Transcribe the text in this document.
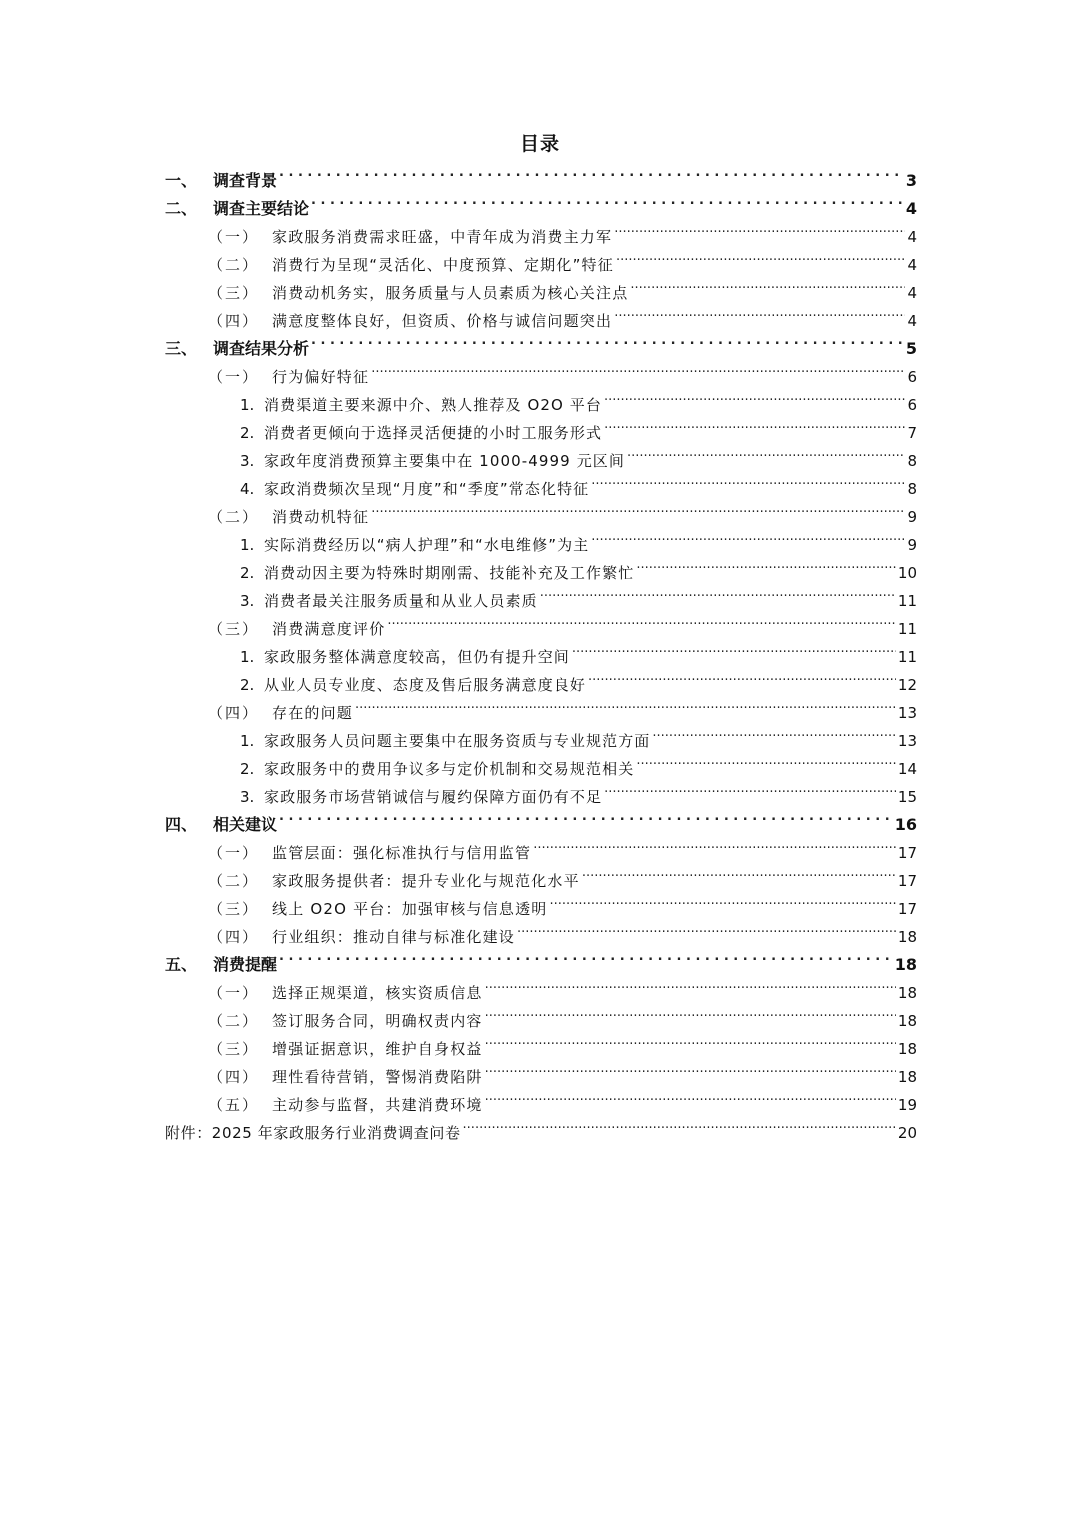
目录
一、 调查背景 . . .	3
二、 调查主要结论 . . .	4
（一） 家政服务消费需求旺盛，中青年成为消费主力军 .....	4
（二） 消费行为呈现“灵活化、中度预算、定期化”特征 .....	4
（三） 消费动机务实，服务质量与人员素质为核心关注点 .....	4
（四） 满意度整体良好，但资质、价格与诚信问题突出 .....	4
三、 调查结果分析 . . .	5
（一） 行为偏好特征 .....	6
1. 消费渠道主要来源中介、熟人推荐及 O2O 平台 .....	6
2. 消费者更倾向于选择灵活便捷的小时工服务形式 .....	7
3. 家政年度消费预算主要集中在 1000-4999 元区间 .....	8
4. 家政消费频次呈现“月度”和“季度”常态化特征 .....	8
（二） 消费动机特征 .....	9
1. 实际消费经历以“病人护理”和“水电维修”为主 .....	9
2. 消费动因主要为特殊时期刚需、技能补充及工作繁忙 .....	10
3. 消费者最关注服务质量和从业人员素质 .....	11
（三） 消费满意度评价 .....	11
1. 家政服务整体满意度较高，但仍有提升空间 .....	11
2. 从业人员专业度、态度及售后服务满意度良好 .....	12
（四） 存在的问题 .....	13
1. 家政服务人员问题主要集中在服务资质与专业规范方面 .....	13
2. 家政服务中的费用争议多与定价机制和交易规范相关 .....	14
3. 家政服务市场营销诚信与履约保障方面仍有不足 .....	15
四、 相关建议 . . .	16
（一） 监管层面：强化标准执行与信用监管 .....	17
（二） 家政服务提供者：提升专业化与规范化水平 .....	17
（三） 线上 O2O 平台：加强审核与信息透明 .....	17
（四） 行业组织：推动自律与标准化建设 .....	18
五、 消费提醒 . . .	18
（一） 选择正规渠道，核实资质信息 .....	18
（二） 签订服务合同，明确权责内容 .....	18
（三） 增强证据意识，维护自身权益 .....	18
（四） 理性看待营销，警惕消费陷阱 .....	18
（五） 主动参与监督，共建消费环境 .....	19
附件：2025 年家政服务行业消费调查问卷 .....	20
